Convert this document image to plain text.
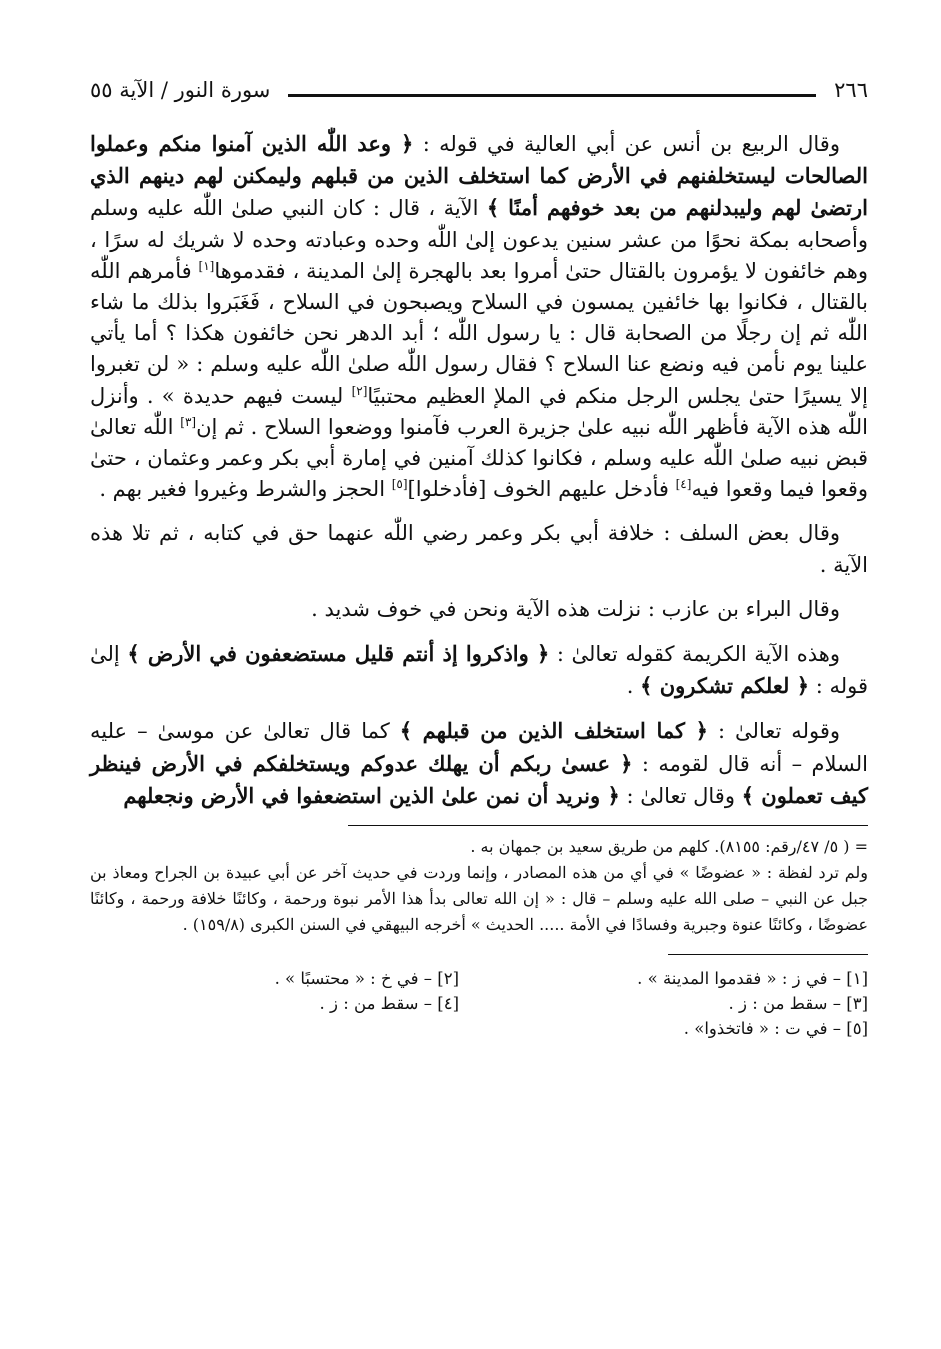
٢٦٦
سورة النور / الآية ٥٥

وقال الربيع بن أنس عن أبي العالية في قوله : ﴿ وعد اللّٰه الذين آمنوا منكم وعملوا الصالحات ليستخلفنهم في الأرض كما استخلف الذين من قبلهم وليمكنن لهم دينهم الذي ارتضىٰ لهم وليبدلنهم من بعد خوفهم أمنًا ﴾ الآية ، قال : كان النبي صلىٰ اللّٰه عليه وسلم وأصحابه بمكة نحوًا من عشر سنين يدعون إلىٰ اللّٰه وحده وعبادته وحده لا شريك له سرًا ، وهم خائفون لا يؤمرون بالقتال حتىٰ أمروا بعد بالهجرة إلىٰ المدينة ، فقدموها[١] فأمرهم اللّٰه بالقتال ، فكانوا بها خائفين يمسون في السلاح ويصبحون في السلاح ، فَغَبَروا بذلك ما شاء اللّٰه ثم إن رجلًا من الصحابة قال : يا رسول اللّٰه ؛ أبد الدهر نحن خائفون هكذا ؟ أما يأتي علينا يوم نأمن فيه ونضع عنا السلاح ؟ فقال رسول اللّٰه صلىٰ اللّٰه عليه وسلم : « لن تغبروا إلا يسيرًا حتىٰ يجلس الرجل منكم في الملإ العظيم محتبيًا[٢] ليست فيهم حديدة » . وأنزل اللّٰه هذه الآية فأظهر اللّٰه نبيه علىٰ جزيرة العرب فآمنوا ووضعوا السلاح . ثم إن[٣] اللّٰه تعالىٰ قبض نبيه صلىٰ اللّٰه عليه وسلم ، فكانوا كذلك آمنين في إمارة أبي بكر وعمر وعثمان ، حتىٰ وقعوا فيما وقعوا فيه[٤] فأدخل عليهم الخوف [فأدخلوا][٥] الحجز والشرط وغيروا فغير بهم .

وقال بعض السلف : خلافة أبي بكر وعمر رضي اللّٰه عنهما حق في كتابه ، ثم تلا هذه الآية .

وقال البراء بن عازب : نزلت هذه الآية ونحن في خوف شديد .

وهذه الآية الكريمة كقوله تعالىٰ : ﴿ واذكروا إذ أنتم قليل مستضعفون في الأرض ﴾ إلىٰ قوله : ﴿ لعلكم تشكرون ﴾ .

وقوله تعالىٰ : ﴿ كما استخلف الذين من قبلهم ﴾ كما قال تعالىٰ عن موسىٰ – عليه السلام – أنه قال لقومه : ﴿ عسىٰ ربكم أن يهلك عدوكم ويستخلفكم في الأرض فينظر كيف تعملون ﴾ وقال تعالىٰ : ﴿ ونريد أن نمن علىٰ الذين استضعفوا في الأرض ونجعلهم

= ( ٥/ ٤٧/رقم: ٨١٥٥). كلهم من طريق سعيد بن جمهان به .

ولم ترد لفظة : « عضوضًا » في أي من هذه المصادر ، وإنما وردت في حديث آخر عن أبي عبيدة بن الجراح ومعاذ بن جبل عن النبي – صلى الله عليه وسلم – قال : « إن الله تعالى بدأ هذا الأمر نبوة ورحمة ، وكائنًا خلافة ورحمة ، وكائنًا عضوضًا ، وكائنًا عنوة وجبرية وفسادًا في الأمة ..... الحديث » أخرجه البيهقي في السنن الكبرى (١٥٩/٨) .

[١] – في ز : « فقدموا المدينة » .
[٢] – في خ : « محتسبًا » .
[٣] – سقط من : ز .
[٤] – سقط من : ز .
[٥] – في ت : « فاتخذوا» .
